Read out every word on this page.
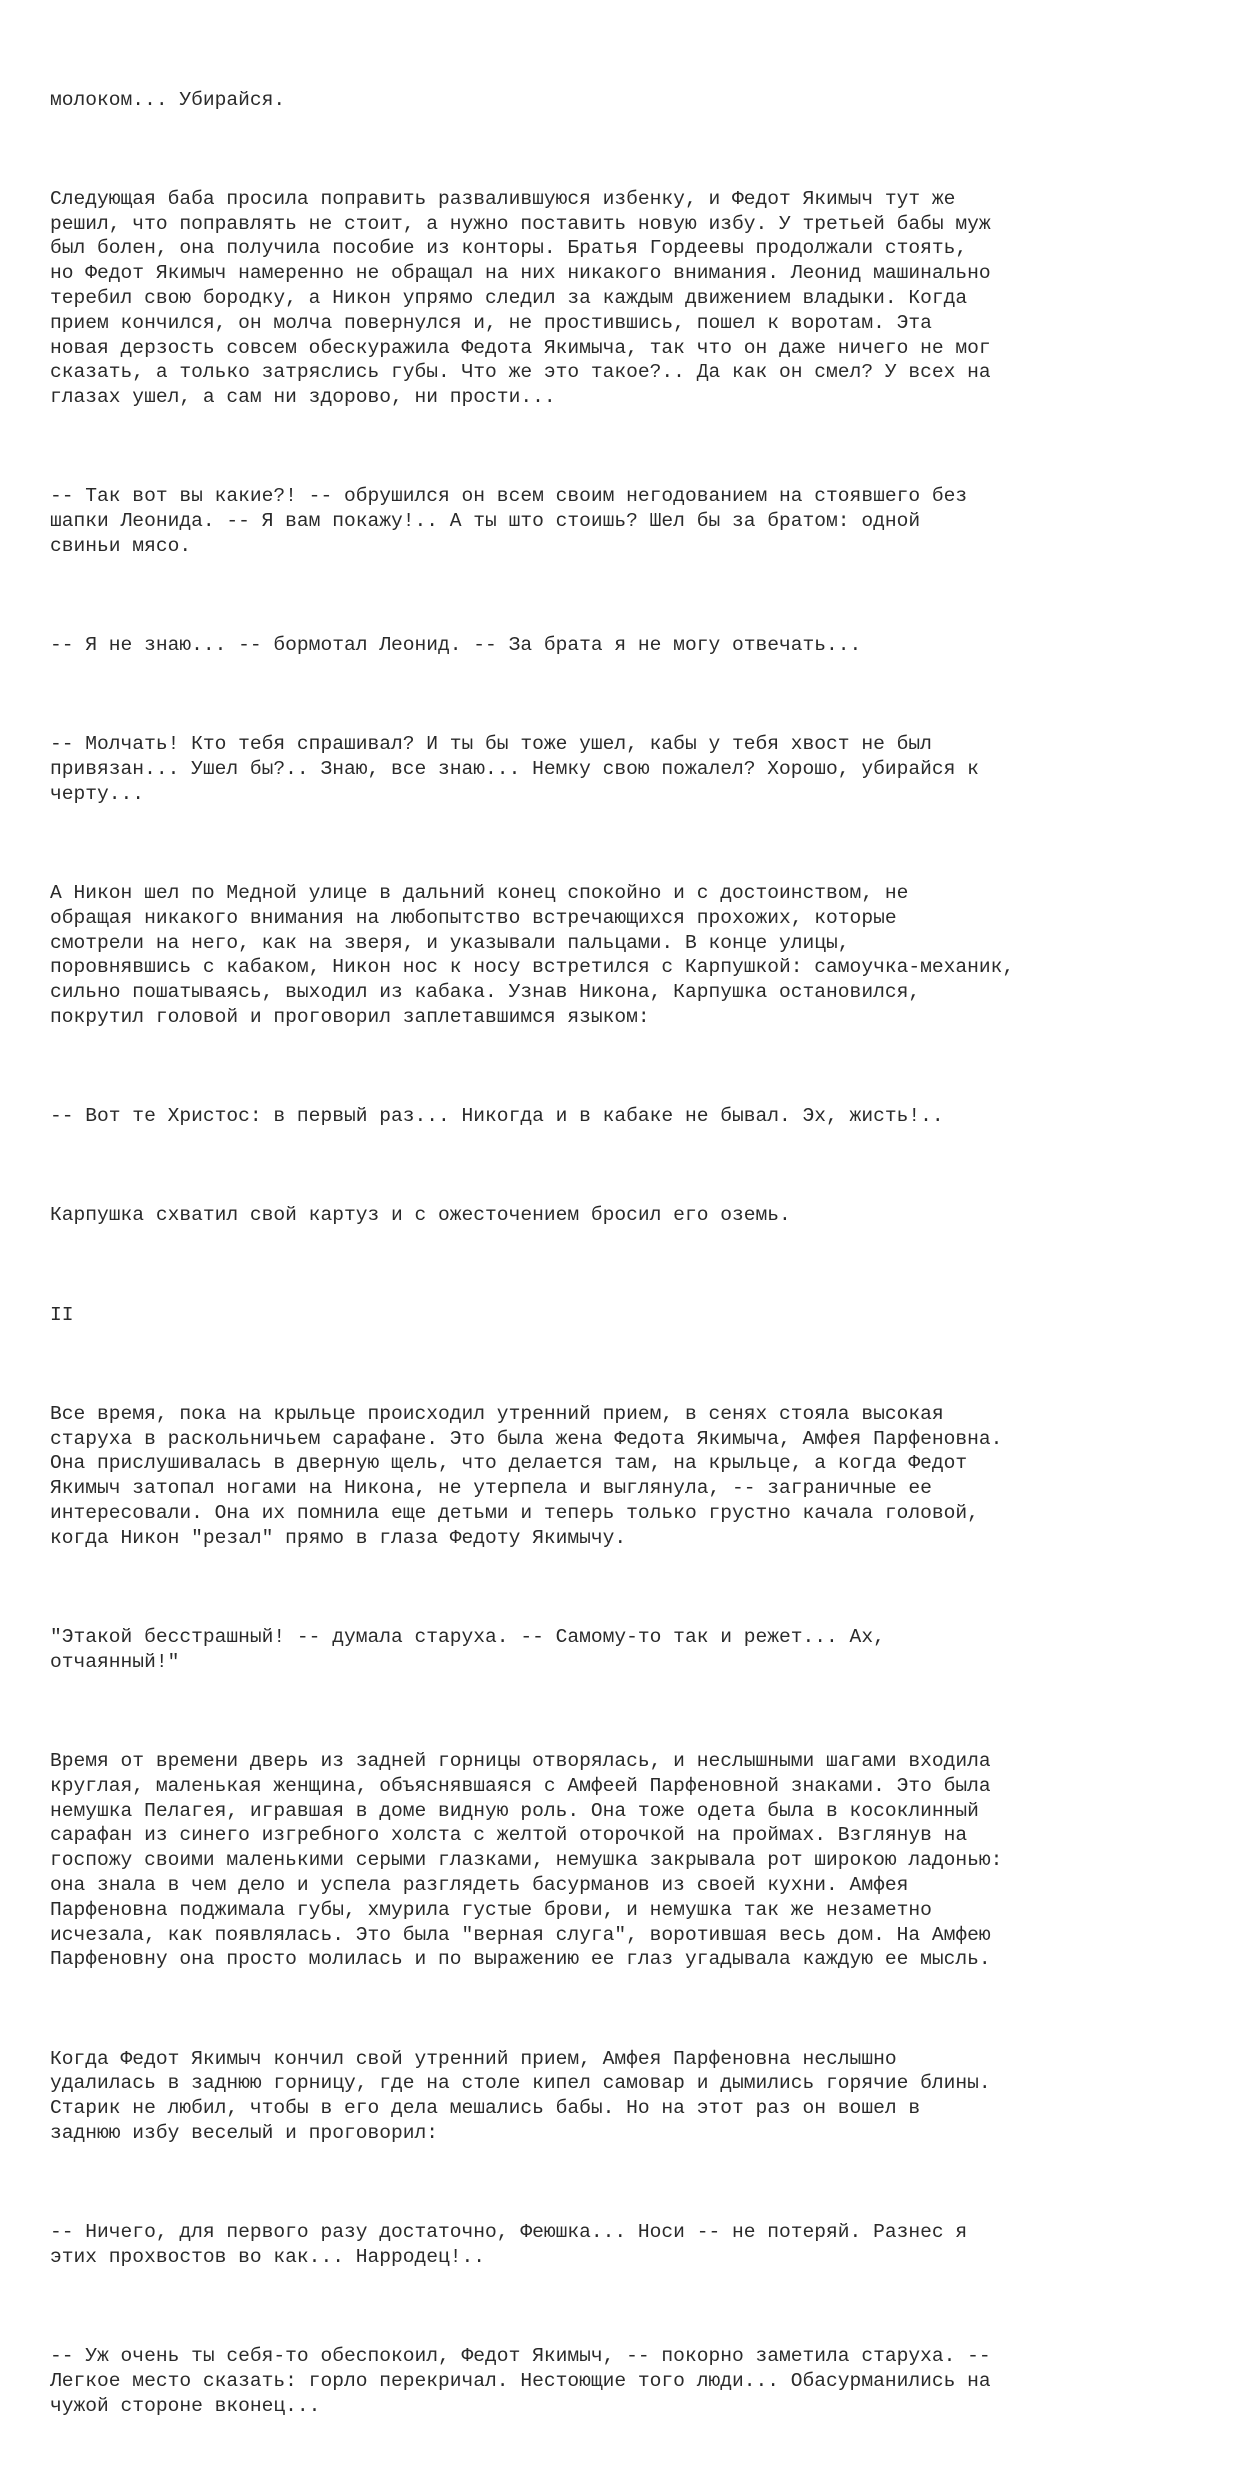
молоком... Убирайся.

Следующая баба просила поправить развалившуюся избенку, и Федот Якимыч тут же
решил, что поправлять не стоит, а нужно поставить новую избу. У третьей бабы муж
был болен, она получила пособие из конторы. Братья Гордеевы продолжали стоять,
но Федот Якимыч намеренно не обращал на них никакого внимания. Леонид машинально
теребил свою бородку, а Никон упрямо следил за каждым движением владыки. Когда
прием кончился, он молча повернулся и, не простившись, пошел к воротам. Эта
новая дерзость совсем обескуражила Федота Якимыча, так что он даже ничего не мог
сказать, а только затряслись губы. Что же это такое?.. Да как он смел? У всех на
глазах ушел, а сам ни здорово, ни прости...

-- Так вот вы какие?! -- обрушился он всем своим негодованием на стоявшего без
шапки Леонида. -- Я вам покажу!.. А ты што стоишь? Шел бы за братом: одной
свиньи мясо.

-- Я не знаю... -- бормотал Леонид. -- За брата я не могу отвечать...

-- Молчать! Кто тебя спрашивал? И ты бы тоже ушел, кабы у тебя хвост не был
привязан... Ушел бы?.. Знаю, все знаю... Немку свою пожалел? Хорошо, убирайся к
черту...

А Никон шел по Медной улице в дальний конец спокойно и с достоинством, не
обращая никакого внимания на любопытство встречающихся прохожих, которые
смотрели на него, как на зверя, и указывали пальцами. В конце улицы,
поровнявшись с кабаком, Никон нос к носу встретился с Карпушкой: самоучка-механик,
сильно пошатываясь, выходил из кабака. Узнав Никона, Карпушка остановился,
покрутил головой и проговорил заплетавшимся языком:

-- Вот те Христос: в первый раз... Никогда и в кабаке не бывал. Эх, жисть!..

Карпушка схватил свой картуз и с ожесточением бросил его оземь.

II

Все время, пока на крыльце происходил утренний прием, в сенях стояла высокая
старуха в раскольничьем сарафане. Это была жена Федота Якимыча, Амфея Парфеновна.
Она прислушивалась в дверную щель, что делается там, на крыльце, а когда Федот
Якимыч затопал ногами на Никона, не утерпела и выглянула, -- заграничные ее
интересовали. Она их помнила еще детьми и теперь только грустно качала головой,
когда Никон "резал" прямо в глаза Федоту Якимычу.

"Этакой бесстрашный! -- думала старуха. -- Самому-то так и режет... Ах,
отчаянный!"

Время от времени дверь из задней горницы отворялась, и неслышными шагами входила
круглая, маленькая женщина, объяснявшаяся с Амфеей Парфеновной знаками. Это была
немушка Пелагея, игравшая в доме видную роль. Она тоже одета была в косоклинный
сарафан из синего изгребного холста с желтой оторочкой на проймах. Взглянув на
госпожу своими маленькими серыми глазками, немушка закрывала рот широкою ладонью:
она знала в чем дело и успела разглядеть басурманов из своей кухни. Амфея
Парфеновна поджимала губы, хмурила густые брови, и немушка так же незаметно
исчезала, как появлялась. Это была "верная слуга", воротившая весь дом. На Амфею
Парфеновну она просто молилась и по выражению ее глаз угадывала каждую ее мысль.

Когда Федот Якимыч кончил свой утренний прием, Амфея Парфеновна неслышно
удалилась в заднюю горницу, где на столе кипел самовар и дымились горячие блины.
Старик не любил, чтобы в его дела мешались бабы. Но на этот раз он вошел в
заднюю избу веселый и проговорил:

-- Ничего, для первого разу достаточно, Феюшка... Носи -- не потеряй. Разнес я
этих прохвостов во как... Нарродец!..

-- Уж очень ты себя-то обеспокоил, Федот Якимыч, -- покорно заметила старуха. --
Легкое место сказать: горло перекричал. Нестоющие того люди... Обасурманились на
чужой стороне вконец...
